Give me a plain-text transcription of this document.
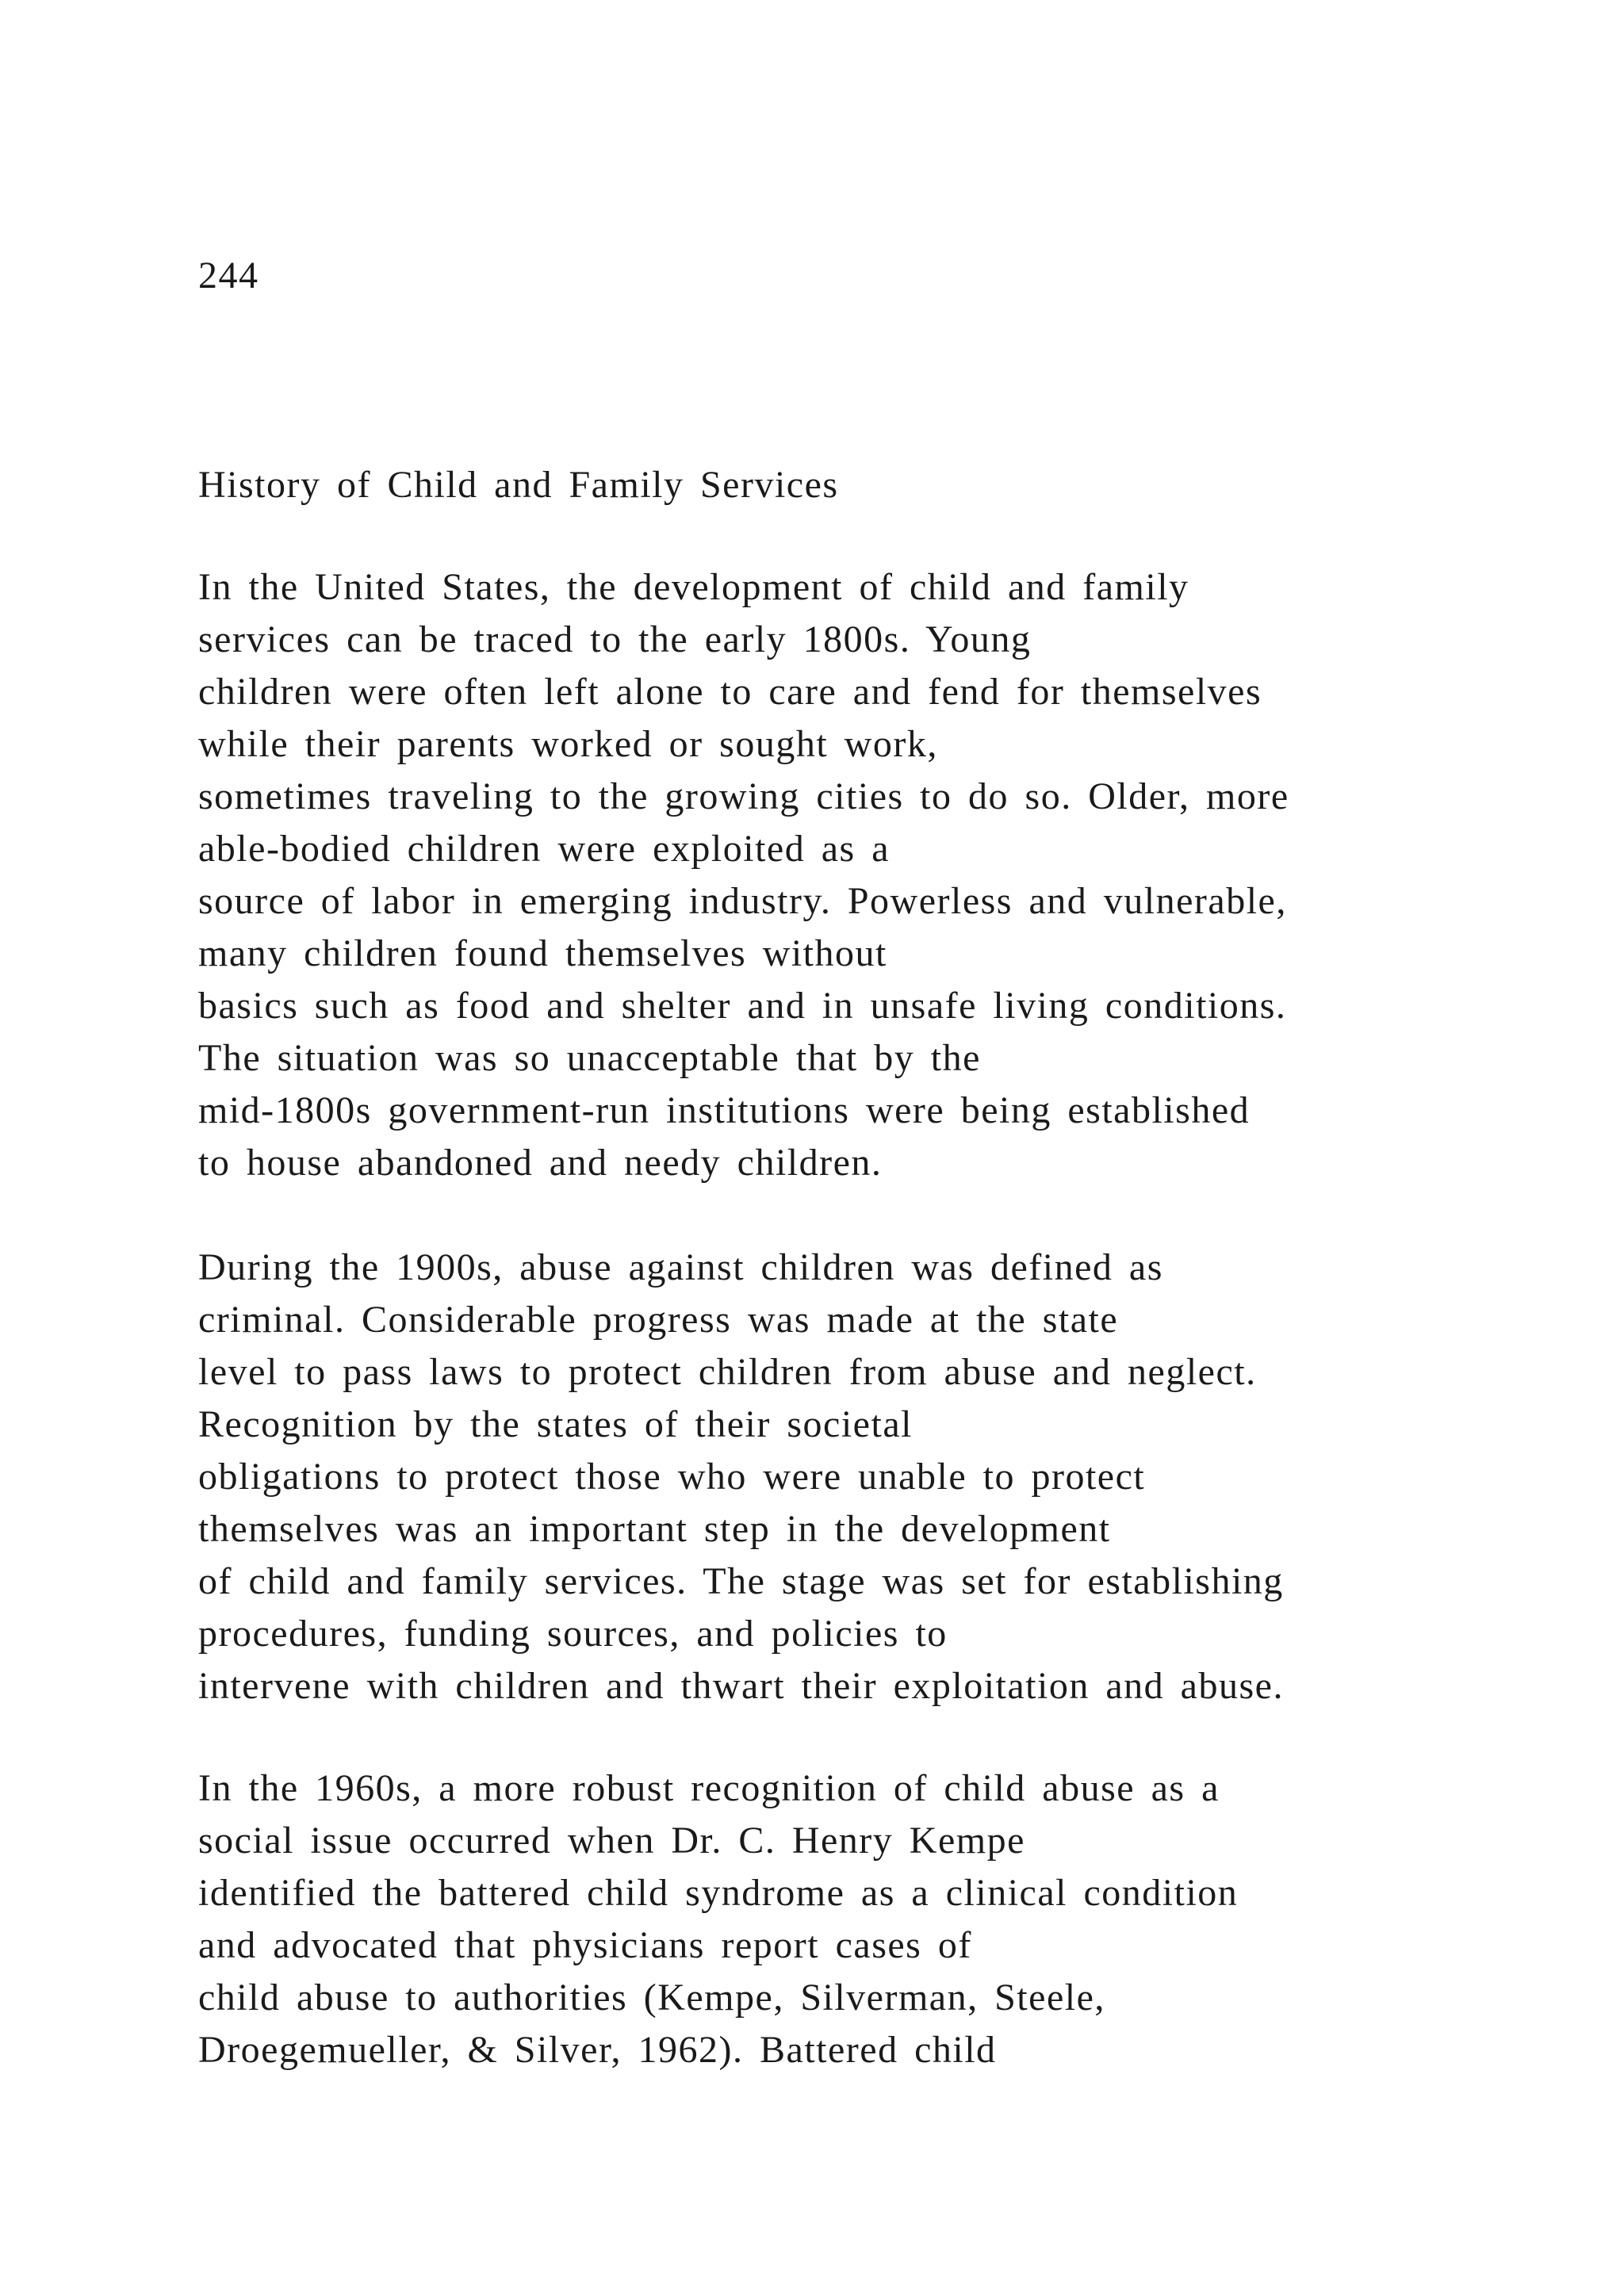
244
History of Child and Family Services
In the United States, the development of child and family
services can be traced to the early 1800s. Young
children were often left alone to care and fend for themselves
while their parents worked or sought work,
sometimes traveling to the growing cities to do so. Older, more
able-bodied children were exploited as a
source of labor in emerging industry. Powerless and vulnerable,
many children found themselves without
basics such as food and shelter and in unsafe living conditions.
The situation was so unacceptable that by the
mid-1800s government-run institutions were being established
to house abandoned and needy children.
During the 1900s, abuse against children was defined as
criminal. Considerable progress was made at the state
level to pass laws to protect children from abuse and neglect.
Recognition by the states of their societal
obligations to protect those who were unable to protect
themselves was an important step in the development
of child and family services. The stage was set for establishing
procedures, funding sources, and policies to
intervene with children and thwart their exploitation and abuse.
In the 1960s, a more robust recognition of child abuse as a
social issue occurred when Dr. C. Henry Kempe
identified the battered child syndrome as a clinical condition
and advocated that physicians report cases of
child abuse to authorities (Kempe, Silverman, Steele,
Droegemueller, & Silver, 1962). Battered child
